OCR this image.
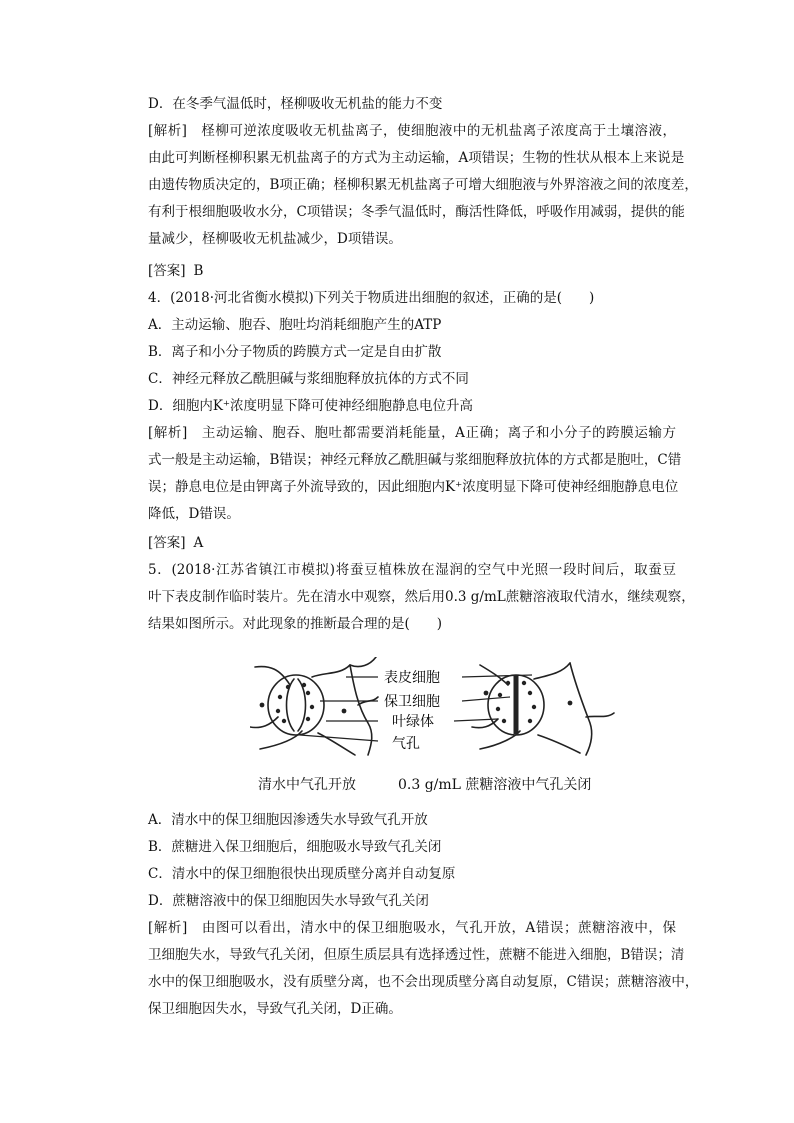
D．在冬季气温低时，柽柳吸收无机盐的能力不变
[解析]　 柽柳可逆浓度吸收无机盐离子，使细胞液中的无机盐离子浓度高于土壤溶液，
由此可判断柽柳积累无机盐离子的方式为主动运输，A项错误；生物的性状从根本上来说是
由遗传物质决定的，B项正确；柽柳积累无机盐离子可增大细胞液与外界溶液之间的浓度差，
有利于根细胞吸收水分，C项错误；冬季气温低时，酶活性降低，呼吸作用减弱，提供的能
量减少，柽柳吸收无机盐减少，D项错误。
[答案] B
4．(2018·河北省衡水模拟)下列关于物质进出细胞的叙述，正确的是(　　)
A．主动运输、胞吞、胞吐均消耗细胞产生的ATP
B．离子和小分子物质的跨膜方式一定是自由扩散
C．神经元释放乙酰胆碱与浆细胞释放抗体的方式不同
D．细胞内K⁺浓度明显下降可使神经细胞静息电位升高
[解析]　 主动运输、胞吞、胞吐都需要消耗能量，A正确；离子和小分子的跨膜运输方
式一般是主动运输，B错误；神经元释放乙酰胆碱与浆细胞释放抗体的方式都是胞吐，C错
误；静息电位是由钾离子外流导致的，因此细胞内K⁺浓度明显下降可使神经细胞静息电位
降低，D错误。
[答案] A
5．(2018·江苏省镇江市模拟)将蚕豆植株放在湿润的空气中光照一段时间后，取蚕豆
叶下表皮制作临时装片。先在清水中观察，然后用0.3 g/mL蔗糖溶液取代清水，继续观察，
结果如图所示。对此现象的推断最合理的是(　　)
表皮细胞
保卫细胞
叶绿体
气孔
清水中气孔开放	0.3 g/mL 蔗糖溶液中气孔关闭
A．清水中的保卫细胞因渗透失水导致气孔开放
B．蔗糖进入保卫细胞后，细胞吸水导致气孔关闭
C．清水中的保卫细胞很快出现质壁分离并自动复原
D．蔗糖溶液中的保卫细胞因失水导致气孔关闭
[解析]　 由图可以看出，清水中的保卫细胞吸水，气孔开放，A错误；蔗糖溶液中，保
卫细胞失水，导致气孔关闭，但原生质层具有选择透过性，蔗糖不能进入细胞，B错误；清
水中的保卫细胞吸水，没有质壁分离，也不会出现质壁分离自动复原，C错误；蔗糖溶液中，
保卫细胞因失水，导致气孔关闭，D正确。
